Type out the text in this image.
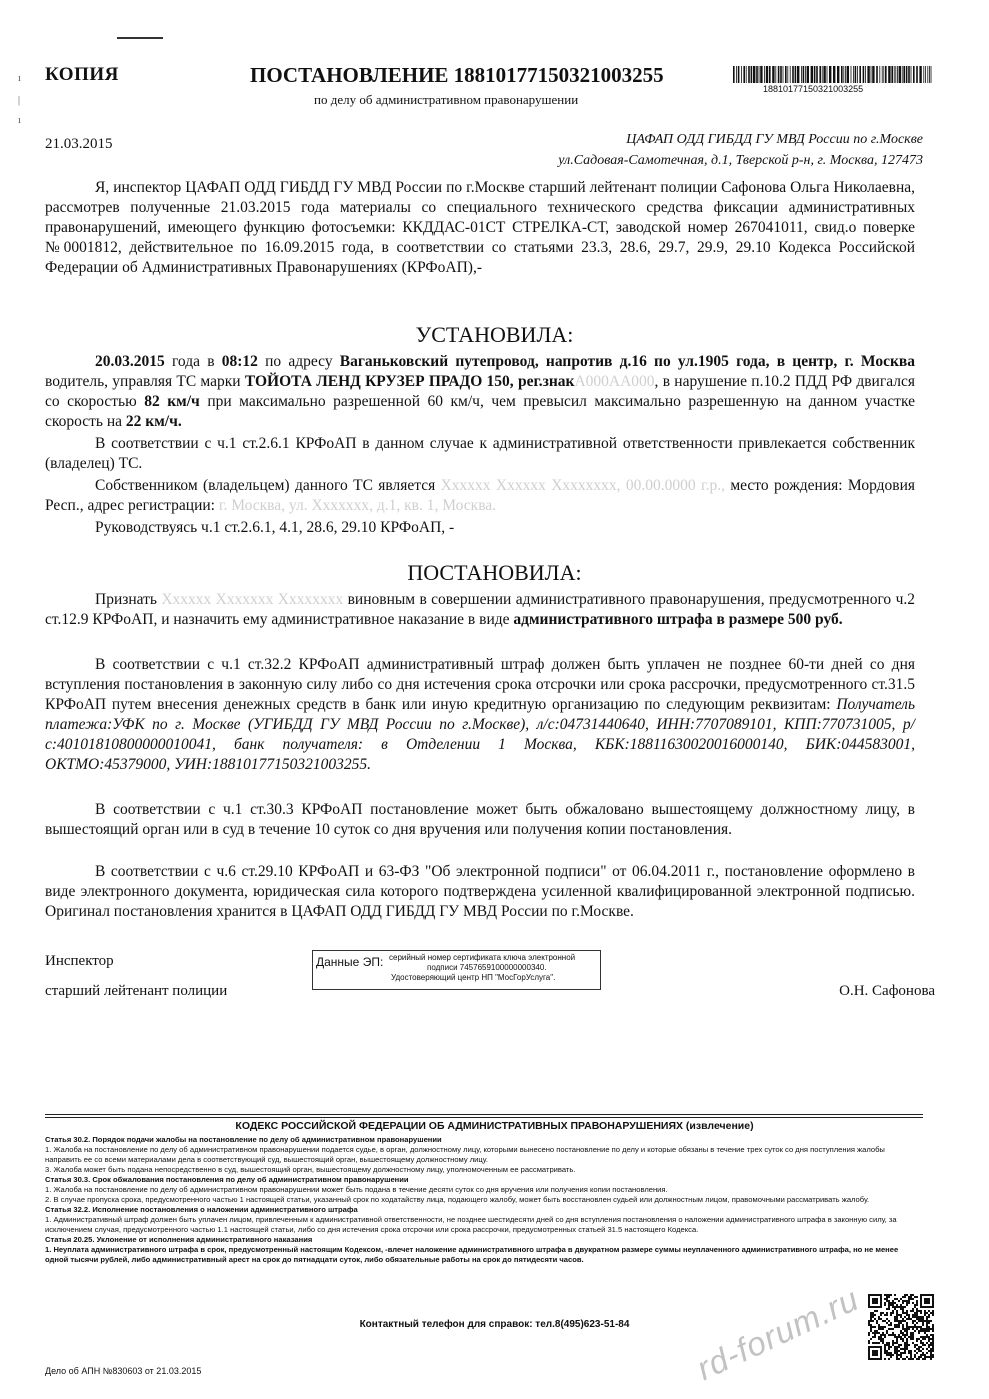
ı
|
ı
КОПИЯ	ПОСТАНОВЛЕНИЕ 18810177150321003255
по делу об административном правонарушении
18810177150321003255
21.03.2015	ЦАФАП ОДД ГИБДД ГУ МВД России по г.Москве
ул.Садовая-Самотечная, д.1, Тверской р-н, г. Москва, 127473
Я, инспектор ЦАФАП ОДД ГИБДД ГУ МВД России по г.Москве старший лейтенант полиции Сафонова Ольга Николаевна, рассмотрев полученные 21.03.2015 года материалы со специального технического средства фиксации административных правонарушений, имеющего функцию фотосъемки: ККДДАС-01СТ СТРЕЛКА-СТ, заводской номер 267041011, свид.о поверке №0001812, действительное по 16.09.2015 года, в соответствии со статьями 23.3, 28.6, 29.7, 29.9, 29.10 Кодекса Российской Федерации об Административных Правонарушениях (КРФоАП),-
УСТАНОВИЛА:
20.03.2015 года в 08:12 по адресу Ваганьковский путепровод, напротив д.16 по ул.1905 года, в центр, г. Москва водитель, управляя ТС марки ТОЙОТА ЛЕНД КРУЗЕР ПРАДО 150, рег.знакА000АА000, в нарушение п.10.2 ПДД РФ двигался со скоростью 82 км/ч при максимально разрешенной 60 км/ч, чем превысил максимально разрешенную на данном участке скорость на 22 км/ч.
В соответствии с ч.1 ст.2.6.1 КРФоАП в данном случае к административной ответственности привлекается собственник (владелец) ТС.
Собственником (владельцем) данного ТС является Хххххх Хххххх Хххххххх, 00.00.0000 г.р., место рождения: Мордовия Респ., адрес регистрации: г. Москва, ул. Ххххххх, д.1, кв. 1, Москва.
Руководствуясь ч.1 ст.2.6.1, 4.1, 28.6, 29.10 КРФоАП, -
ПОСТАНОВИЛА:
Признать Хххххх Ххххххх Хххххххх виновным в совершении административного правонарушения, предусмотренного ч.2 ст.12.9 КРФоАП, и назначить ему административное наказание в виде административного штрафа в размере 500 руб.
В соответствии с ч.1 ст.32.2 КРФоАП административный штраф должен быть уплачен не позднее 60-ти дней со дня вступления постановления в законную силу либо со дня истечения срока отсрочки или срока рассрочки, предусмотренного ст.31.5 КРФоАП путем внесения денежных средств в банк или иную кредитную организацию по следующим реквизитам: Получатель платежа:УФК по г. Москве (УГИБДД ГУ МВД России по г.Москве), л/с:04731440640, ИНН:7707089101, КПП:770731005, р/с:40101810800000010041, банк получателя: в Отделении 1 Москва, КБК:18811630020016000140, БИК:044583001, ОКТМО:45379000, УИН:18810177150321003255.
В соответствии с ч.1 ст.30.3 КРФоАП постановление может быть обжаловано вышестоящему должностному лицу, в вышестоящий орган или в суд в течение 10 суток со дня вручения или получения копии постановления.
В соответствии с ч.6 ст.29.10 КРФоАП и 63-ФЗ "Об электронной подписи" от 06.04.2011 г., постановление оформлено в виде электронного документа, юридическая сила которого подтверждена усиленной квалифицированной электронной подписью. Оригинал постановления хранится в ЦАФАП ОДД ГИБДД ГУ МВД России по г.Москве.
Инспектор
старший лейтенант полиции
Данные ЭП: серийный номер сертификата ключа электронной
подписи 7457659100000000340.
Удостоверяющий центр НП "МосГорУслуга".
О.Н. Сафонова
КОДЕКС РОССИЙСКОЙ ФЕДЕРАЦИИ ОБ АДМИНИСТРАТИВНЫХ ПРАВОНАРУШЕНИЯХ (извлечение)
Статья 30.2. Порядок подачи жалобы на постановление по делу об административном правонарушении
1. Жалоба на постановление по делу об административном правонарушении подается судье, в орган, должностному лицу, которыми вынесено постановление по делу и которые обязаны в течение трех суток со дня поступления жалобы направить ее со всеми материалами дела в соответствующий суд, вышестоящий орган, вышестоящему должностному лицу.
3. Жалоба может быть подана непосредственно в суд, вышестоящий орган, вышестоящему должностному лицу, уполномоченным ее рассматривать.
Статья 30.3. Срок обжалования постановления по делу об административном правонарушении
1. Жалоба на постановление по делу об административном правонарушении может быть подана в течение десяти суток со дня вручения или получения копии постановления.
2. В случае пропуска срока, предусмотренного частью 1 настоящей статьи, указанный срок по ходатайству лица, подающего жалобу, может быть восстановлен судьей или должностным лицом, правомочными рассматривать жалобу.
Статья 32.2. Исполнение постановления о наложении административного штрафа
1. Административный штраф должен быть уплачен лицом, привлеченным к административной ответственности, не позднее шестидесяти дней со дня вступления постановления о наложении административного штрафа в законную силу, за исключением случая, предусмотренного частью 1.1 настоящей статьи, либо со дня истечения срока отсрочки или срока рассрочки, предусмотренных статьей 31.5 настоящего Кодекса.
Статья 20.25. Уклонение от исполнения административного наказания
1. Неуплата административного штрафа в срок, предусмотренный настоящим Кодексом, -влечет наложение административного штрафа в двукратном размере суммы неуплаченного административного штрафа, но не менее одной тысячи рублей, либо административный арест на срок до пятнадцати суток, либо обязательные работы на срок до пятидесяти часов.
Контактный телефон для справок: тел.8(495)623-51-84	rd-forum.ru
Дело об АПН №830603 от 21.03.2015
